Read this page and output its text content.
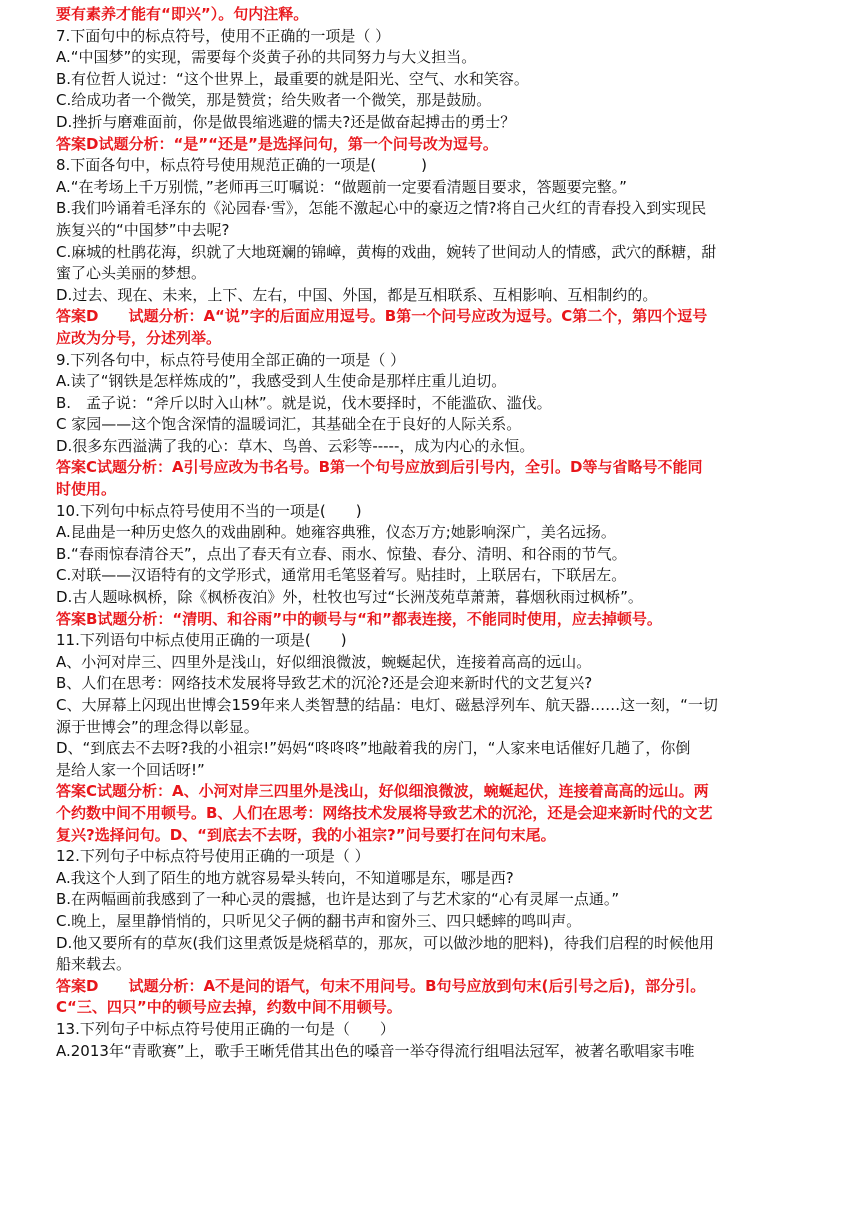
要有素养才能有“即兴”）。句内注释。
7.下面句中的标点符号，使用不正确的一项是（ ）
A.“中国梦”的实现，需要每个炎黄子孙的共同努力与大义担当。
B.有位哲人说过：“这个世界上，最重要的就是阳光、空气、水和笑容。
C.给成功者一个微笑，那是赞赏；给失败者一个微笑，那是鼓励。
D.挫折与磨难面前，你是做畏缩逃避的懦夫?还是做奋起搏击的勇士？
答案D试题分析：“是”“还是”是选择问句，第一个问号改为逗号。
8.下面各句中，标点符号使用规范正确的一项是(　　　)
A.“在考场上千万别慌，”老师再三叮嘱说：“做题前一定要看清题目要求，答题要完整。”
B.我们吟诵着毛泽东的《沁园春·雪》，怎能不激起心中的豪迈之情?将自己火红的青春投入到实现民
族复兴的“中国梦”中去呢?
C.麻城的杜鹃花海，织就了大地斑斓的锦嶂，黄梅的戏曲，婉转了世间动人的情感，武穴的酥糖，甜
蜜了心头美丽的梦想。
D.过去、现在、未来，上下、左右，中国、外国，都是互相联系、互相影响、互相制约的。
答案D　　试题分析：A“说”字的后面应用逗号。B第一个问号应改为逗号。C第二个，第四个逗号
应改为分号，分述列举。
9.下列各句中，标点符号使用全部正确的一项是（ ）
A.读了“钢铁是怎样炼成的”，我感受到人生使命是那样庄重儿迫切。
B.　孟子说：“斧斤以时入山林”。就是说，伐木要择时，不能滥砍、滥伐。
C 家园——这个饱含深情的温暖词汇，其基础全在于良好的人际关系。
D.很多东西溢满了我的心：草木、鸟兽、云彩等-----，成为内心的永恒。
答案C试题分析：A引号应改为书名号。B第一个句号应放到后引号内，全引。D等与省略号不能同
时使用。
10.下列句中标点符号使用不当的一项是(　　)
A.昆曲是一种历史悠久的戏曲剧种。她雍容典雅，仪态万方;她影响深广，美名远扬。
B.“春雨惊春清谷天”，点出了春天有立春、雨水、惊蛰、春分、清明、和谷雨的节气。
C.对联——汉语特有的文学形式，通常用毛笔竖着写。贴挂时，上联居右，下联居左。
D.古人题咏枫桥，除《枫桥夜泊》外，杜牧也写过“长洲茂苑草萧萧，暮烟秋雨过枫桥”。
答案B试题分析：“清明、和谷雨”中的顿号与“和”都表连接，不能同时使用，应去掉顿号。
11.下列语句中标点使用正确的一项是(　　)
A、小河对岸三、四里外是浅山，好似细浪微波，蜿蜒起伏，连接着高高的远山。
B、人们在思考：网络技术发展将导致艺术的沉沦?还是会迎来新时代的文艺复兴?
C、大屏幕上闪现出世博会159年来人类智慧的结晶：电灯、磁悬浮列车、航天器……这一刻，“一切
源于世博会”的理念得以彰显。
D、“到底去不去呀?我的小祖宗!”妈妈“咚咚咚”地敲着我的房门，“人家来电话催好几趟了，你倒
是给人家一个回话呀!”
答案C试题分析：A、小河对岸三四里外是浅山，好似细浪微波，蜿蜒起伏，连接着高高的远山。两
个约数中间不用顿号。B、人们在思考：网络技术发展将导致艺术的沉沦，还是会迎来新时代的文艺
复兴?选择问句。D、“到底去不去呀，我的小祖宗?”问号要打在问句末尾。
12.下列句子中标点符号使用正确的一项是（ ）
A.我这个人到了陌生的地方就容易晕头转向，不知道哪是东，哪是西?
B.在两幅画前我感到了一种心灵的震撼，也许是达到了与艺术家的“心有灵犀一点通。”
C.晚上，屋里静悄悄的，只听见父子俩的翻书声和窗外三、四只蟋蟀的鸣叫声。
D.他又要所有的草灰(我们这里煮饭是烧稻草的，那灰，可以做沙地的肥料)，待我们启程的时候他用
船来载去。
答案D　　试题分析：A不是问的语气，句末不用问号。B句号应放到句末(后引号之后)，部分引。
C“三、四只”中的顿号应去掉，约数中间不用顿号。
13.下列句子中标点符号使用正确的一句是（　　）
A.2013年“青歌赛”上，歌手王晰凭借其出色的嗓音一举夺得流行组唱法冠军，被著名歌唱家韦唯
